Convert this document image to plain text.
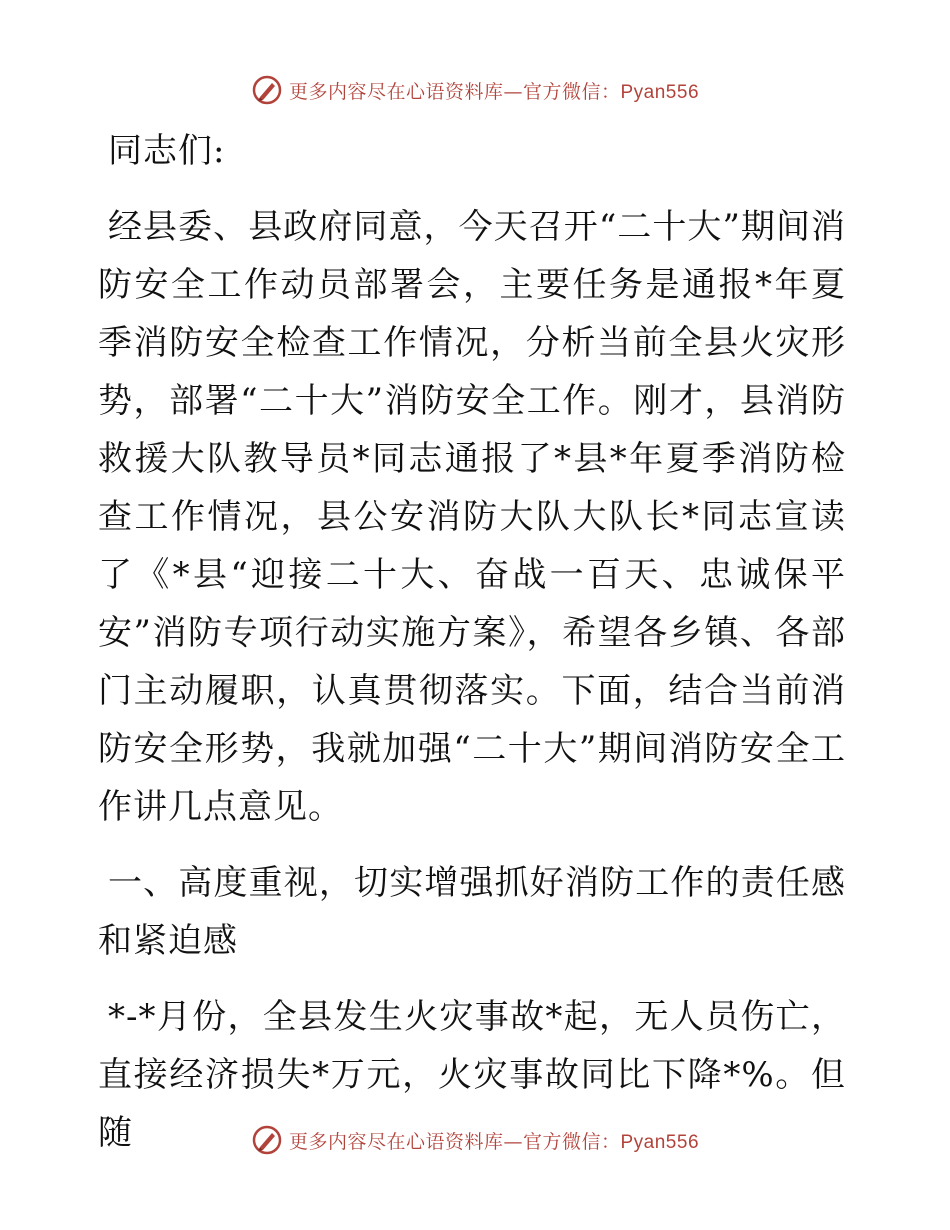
更多内容尽在心语资料库—官方微信：Pyan556

同志们:

经县委、县政府同意，今天召开“二十大”期间消防安全工作动员部署会，主要任务是通报*年夏季消防安全检查工作情况，分析当前全县火灾形势，部署“二十大”消防安全工作。刚才，县消防救援大队教导员*同志通报了*县*年夏季消防检查工作情况，县公安消防大队大队长*同志宣读了《*县“迎接二十大、奋战一百天、忠诚保平安”消防专项行动实施方案》，希望各乡镇、各部门主动履职，认真贯彻落实。下面，结合当前消防安全形势，我就加强“二十大”期间消防安全工作讲几点意见。

一、高度重视，切实增强抓好消防工作的责任感和紧迫感

*-*月份，全县发生火灾事故*起，无人员伤亡，直接经济损失*万元，火灾事故同比下降*%。但随	更多内容尽在心语资料库—官方微信：Pyan556
